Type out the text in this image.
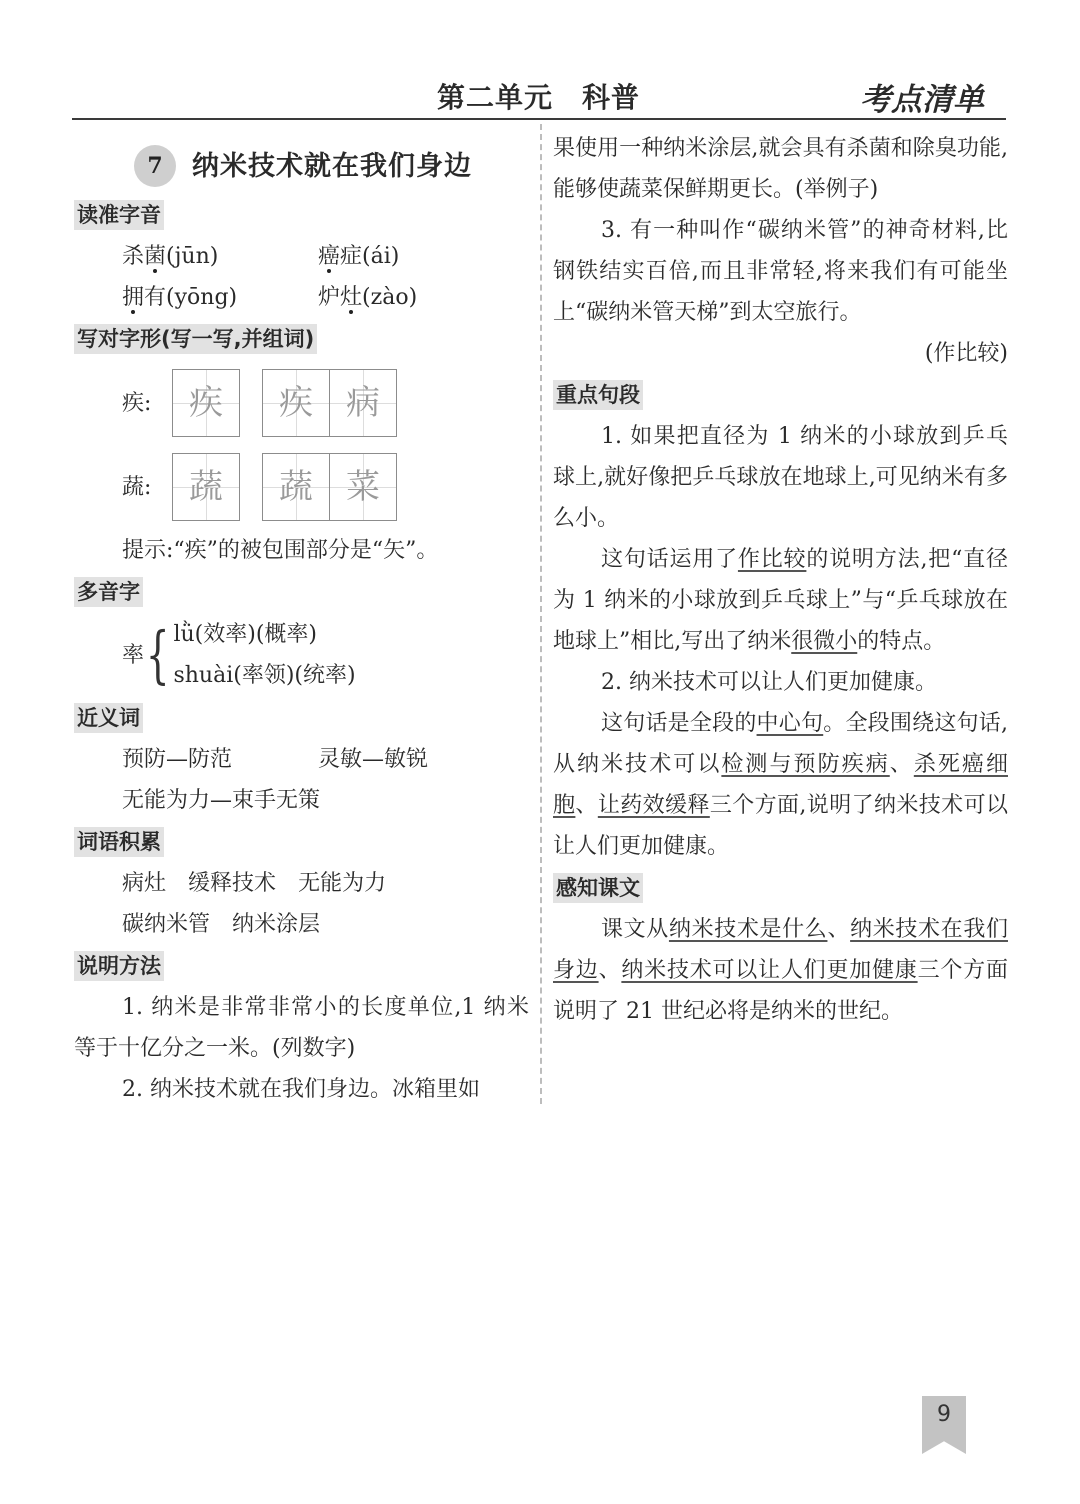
第二单元　科普	考点清单
7	纳米技术就在我们身边
读准字音
杀菌(jūn)	癌症(ái)
拥有(yōng)	炉灶(zào)
写对字形(写一写,并组词)
疾:	疾	疾 病
蔬:	蔬	蔬 菜
提示:“疾”的被包围部分是“矢”。
多音字
率 { lǜ(效率)(概率)
shuài(率领)(统率)
近义词
预防—防范	灵敏—敏锐
无能为力—束手无策
词语积累
病灶　 缓释技术　 无能为力
碳纳米管　 纳米涂层
说明方法
1. 纳米是非常非常小的长度单位,1 纳米等于十亿分之一米。(列数字)
2. 纳米技术就在我们身边。冰箱里如
果使用一种纳米涂层,就会具有杀菌和除臭功能,能够使蔬菜保鲜期更长。(举例子)
3. 有一种叫作“碳纳米管”的神奇材料,比钢铁结实百倍,而且非常轻,将来我们有可能坐上“碳纳米管天梯”到太空旅行。
(作比较)
重点句段
1. 如果把直径为 1 纳米的小球放到乒乓球上,就好像把乒乓球放在地球上,可见纳米有多么小。
这句话运用了作比较的说明方法,把“直径为 1 纳米的小球放到乒乓球上”与“乒乓球放在地球上”相比,写出了纳米很微小的特点。
2. 纳米技术可以让人们更加健康。
这句话是全段的中心句。全段围绕这句话,从纳米技术可以检测与预防疾病、杀死癌细胞、让药效缓释三个方面,说明了纳米技术可以让人们更加健康。
感知课文
课文从纳米技术是什么、纳米技术在我们身边、纳米技术可以让人们更加健康三个方面说明了 21 世纪必将是纳米的世纪。
9
